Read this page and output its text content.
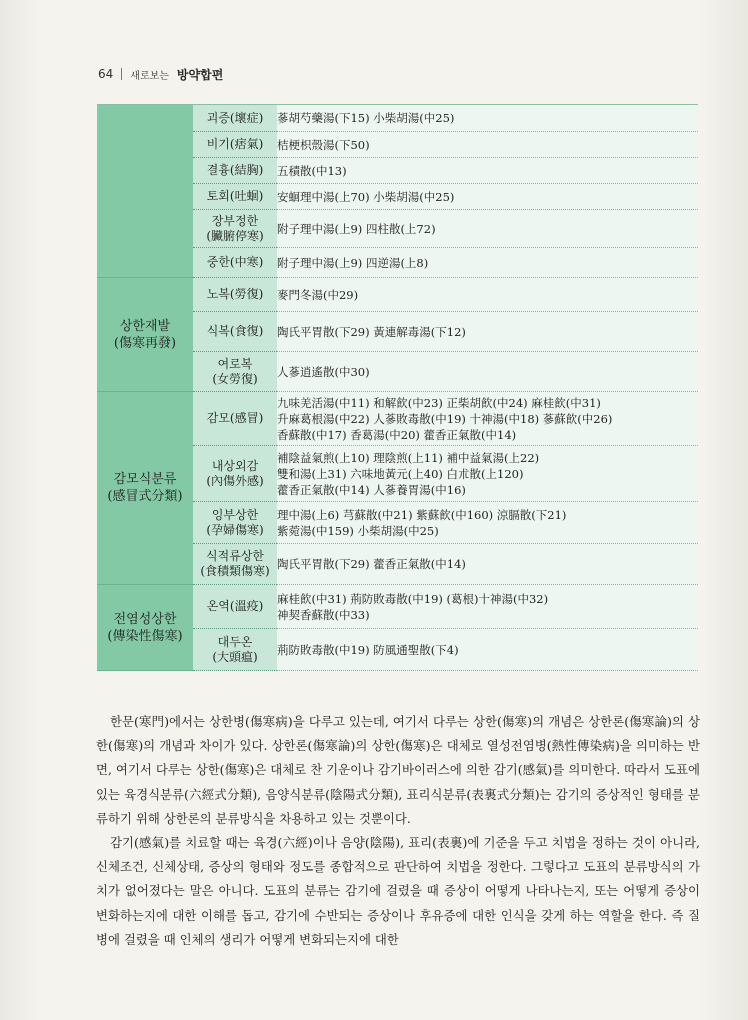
64 새로보는 방약합편
	괴증(壞症)	蔘胡芍藥湯(下15) 小柴胡湯(中25)

	비기(痞氣)	桔梗枳殼湯(下50)

	결흉(結胸)	五積散(中13)

	토회(吐蛔)	安蛔理中湯(上70) 小柴胡湯(中25)

	장부정한
(臟腑停寒)	附子理中湯(上9) 四柱散(上72)

	중한(中寒)	附子理中湯(上9) 四逆湯(上8)

상한재발
(傷寒再發)	노복(勞復)	麥門冬湯(中29)

	식복(食復)	陶氏平胃散(下29) 黃連解毒湯(下12)

	여로복
(女勞復)	人蔘逍遙散(中30)

감모식분류
(感冒式分類)	감모(感冒)	九味羌活湯(中11) 和解飮(中23) 正柴胡飮(中24) 麻桂飮(中31)
升麻葛根湯(中22) 人蔘敗毒散(中19) 十神湯(中18) 蔘蘇飮(中26)
香蘇散(中17) 香葛湯(中20) 藿香正氣散(中14)

	내상외감
(內傷外感)	補陰益氣煎(上10) 理陰煎(上11) 補中益氣湯(上22)
雙和湯(上31) 六味地黃元(上40) 白朮散(上120)
藿香正氣散(中14) 人蔘養胃湯(中16)

	잉부상한
(孕婦傷寒)	理中湯(上6) 芎蘇散(中21) 紫蘇飮(中160) 涼膈散(下21)
紫菀湯(中159) 小柴胡湯(中25)

	식적류상한
(食積類傷寒)	陶氏平胃散(下29) 藿香正氣散(中14)

전염성상한
(傳染性傷寒)	온역(溫疫)	麻桂飮(中31) 荊防敗毒散(中19) (葛根)十神湯(中32)
神契香蘇散(中33)

	대두온
(大頭瘟)	荊防敗毒散(中19) 防風通聖散(下4)

한문(寒門)에서는 상한병(傷寒病)을 다루고 있는데, 여기서 다루는 상한(傷寒)의 개념은 상한론(傷寒論)의 상한(傷寒)의 개념과 차이가 있다. 상한론(傷寒論)의 상한(傷寒)은 대체로 열성전염병(熱性傳染病)을 의미하는 반면, 여기서 다루는 상한(傷寒)은 대체로 찬 기운이나 감기바이러스에 의한 감기(感氣)를 의미한다. 따라서 도표에 있는 육경식분류(六經式分類), 음양식분류(陰陽式分類), 표리식분류(表裏式分類)는 감기의 증상적인 형태를 분류하기 위해 상한론의 분류방식을 차용하고 있는 것뿐이다.

감기(感氣)를 치료할 때는 육경(六經)이나 음양(陰陽), 표리(表裏)에 기준을 두고 치법을 정하는 것이 아니라, 신체조건, 신체상태, 증상의 형태와 정도를 종합적으로 판단하여 치법을 정한다. 그렇다고 도표의 분류방식의 가치가 없어졌다는 말은 아니다. 도표의 분류는 감기에 걸렸을 때 증상이 어떻게 나타나는지, 또는 어떻게 증상이 변화하는지에 대한 이해를 돕고, 감기에 수반되는 증상이나 후유증에 대한 인식을 갖게 하는 역할을 한다. 즉 질병에 걸렸을 때 인체의 생리가 어떻게 변화되는지에 대한
